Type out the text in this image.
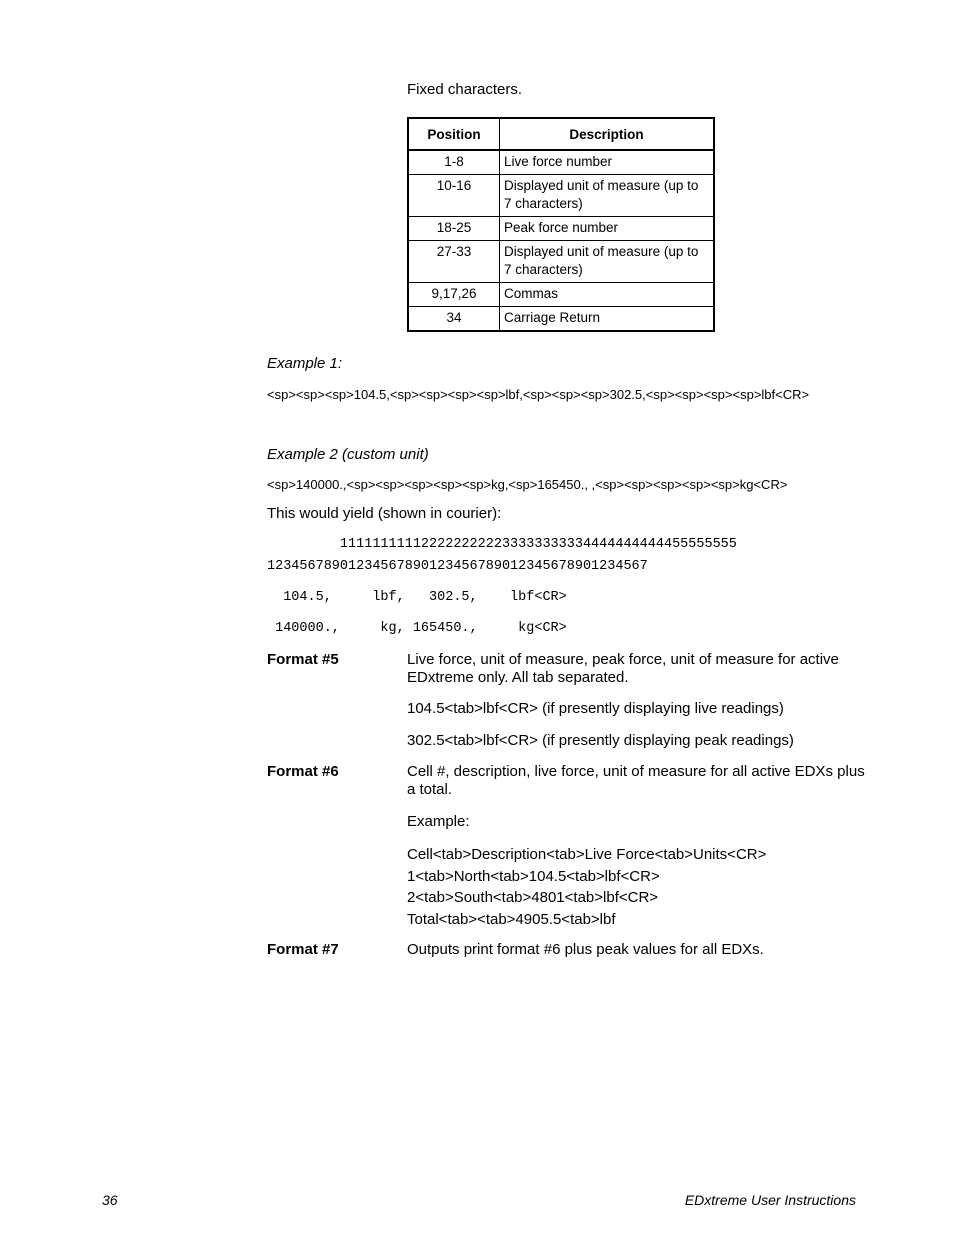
Fixed characters.
Position	Description
1-8	Live force number
10-16	Displayed unit of measure (up to 7 characters)
18-25	Peak force number
27-33	Displayed unit of measure (up to 7 characters)
9,17,26	Commas
34	Carriage Return
Example 1:
<sp><sp><sp>104.5,<sp><sp><sp><sp>lbf,<sp><sp><sp>302.5,<sp><sp><sp><sp>lbf<CR>
Example 2 (custom unit)
<sp>140000.,<sp><sp><sp><sp><sp>kg,<sp>165450., ,<sp><sp><sp><sp><sp>kg<CR>
This would yield (shown in courier):
1111111111222222222233333333334444444444455555555
12345678901234567890123456789012345678901234567
104.5,     lbf,   302.5,    lbf<CR>
140000.,     kg, 165450.,     kg<CR>
Format #5	Live force, unit of measure, peak force, unit of measure for active EDxtreme only. All tab separated.
104.5<tab>lbf<CR> (if presently displaying live readings)
302.5<tab>lbf<CR> (if presently displaying peak readings)
Format #6	Cell #, description, live force, unit of measure for all active EDXs plus a total.
Example:
Cell<tab>Description<tab>Live Force<tab>Units<CR>
1<tab>North<tab>104.5<tab>lbf<CR>
2<tab>South<tab>4801<tab>lbf<CR>
Total<tab><tab>4905.5<tab>lbf
Format #7	Outputs print format #6 plus peak values for all EDXs.
36	EDxtreme User Instructions
